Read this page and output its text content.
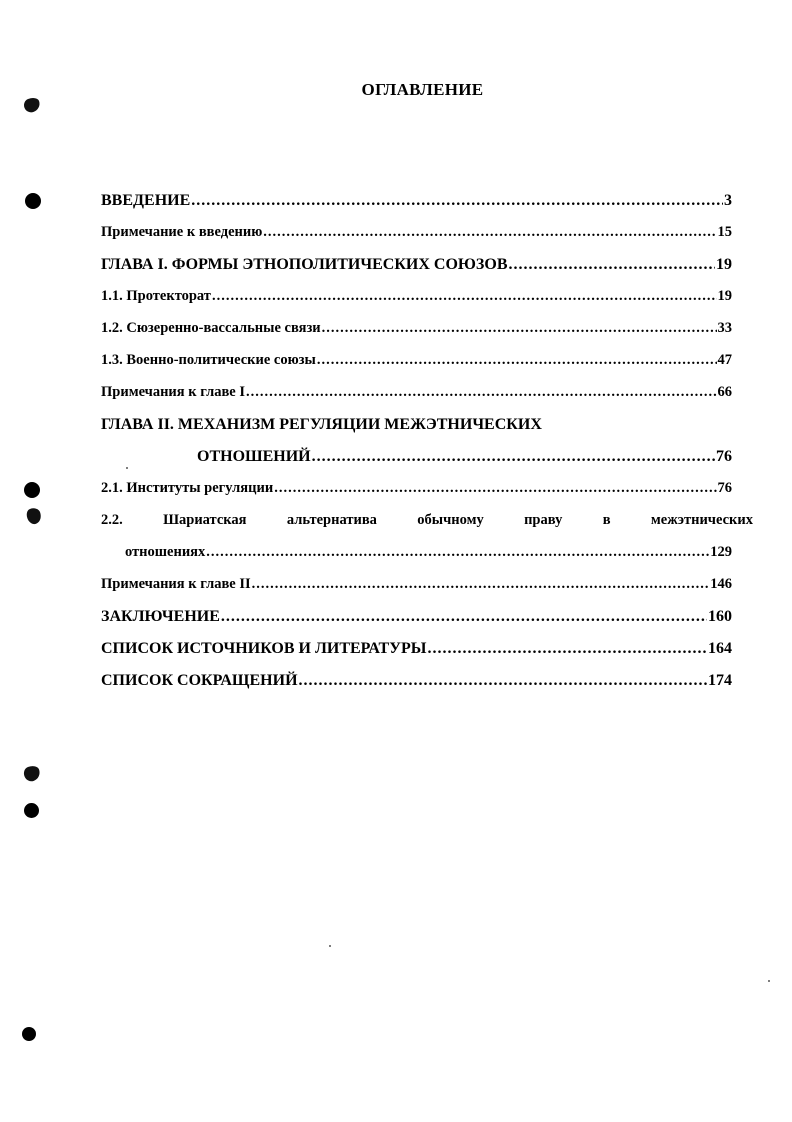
ОГЛАВЛЕНИЕ
ВВЕДЕНИЕ .....	3
Примечание к введению .....	15
ГЛАВА I. ФОРМЫ ЭТНОПОЛИТИЧЕСКИХ СОЮЗОВ .....	19
1.1. Протекторат .....	19
1.2. Сюзеренно-вассальные связи .....	33
1.3. Военно-политические союзы .....	47
Примечания к главе I .....	66
ГЛАВА II. МЕХАНИЗМ РЕГУЛЯЦИИ МЕЖЭТНИЧЕСКИХ
ОТНОШЕНИЙ .....	76
2.1. Институты регуляции .....	76
2.2.	Шариатская	альтернатива	обычному	праву	в	межэтнических
отношениях .....	129
Примечания к главе II .....	146
ЗАКЛЮЧЕНИЕ .....	160
СПИСОК ИСТОЧНИКОВ И ЛИТЕРАТУРЫ .....	164
СПИСОК СОКРАЩЕНИЙ .....	174
